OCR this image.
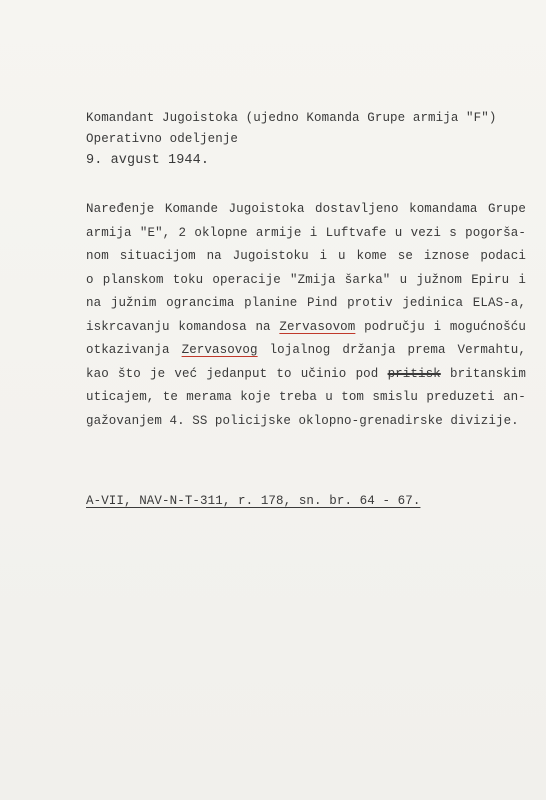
Komandant Jugoistoka (ujedno Komanda Grupe armija "F")
Operativno odeljenje
9. avgust 1944.
Naređenje Komande Jugoistoka dostavljeno komandama Grupe
armija "E", 2 oklopne armije i Luftvafe u vezi s pogorša-
nom situacijom na Jugoistoku i u kome se iznose podaci
o planskom toku operacije "Zmija šarka" u južnom Epiru i
na južnim ograncima planine Pind protiv jedinica ELAS-a,
iskrcavanju komandosa na Zervasovom području i mogućnošću
otkazivanja Zervasovog lojalnog držanja prema Vermahtu,
kao što je već jedanput to učinio pod pritisk britanskim
uticajem, te merama koje treba u tom smislu preduzeti an-
gažovanjem 4. SS policijske oklopno-grenadirske divizije.
A-VII, NAV-N-T-311, r. 178, sn. br. 64 - 67.
